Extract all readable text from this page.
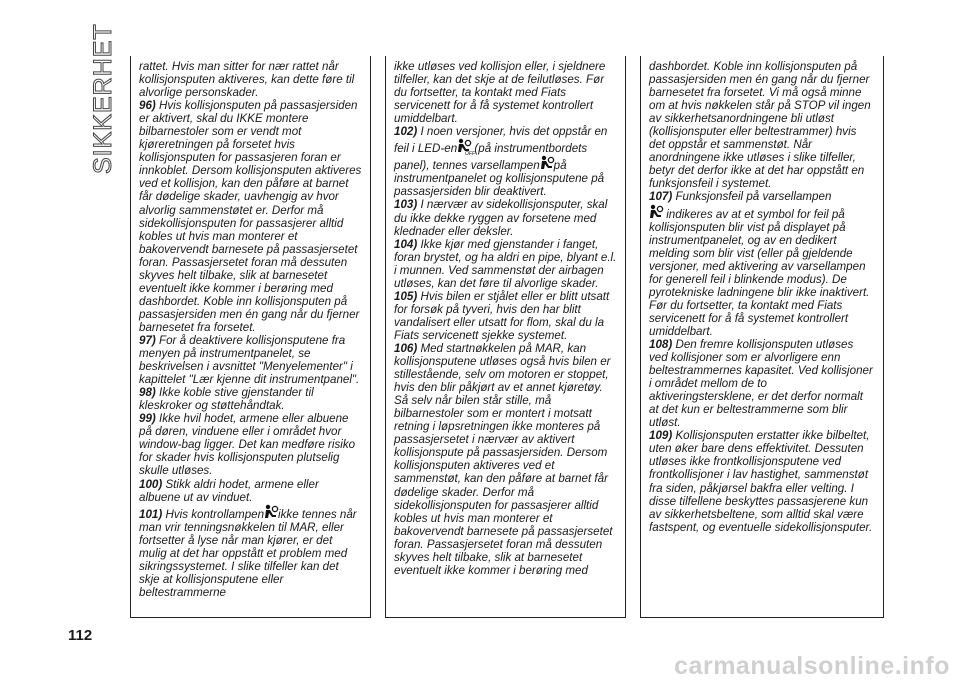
SIKKERHET rattet. Hvis man sitter for nær rattet når kollisjonsputen aktiveres, kan dette føre til alvorlige personskader.

96) Hvis kollisjonsputen på passasjersiden er aktivert, skal du IKKE montere bilbarnestoler som er vendt mot kjøreretningen på forsetet hvis kollisjonsputen for passasjeren foran er innkoblet. Dersom kollisjonsputen aktiveres ved et kollisjon, kan den påføre at barnet får dødelige skader, uavhengig av hvor alvorlig sammenstøtet er. Derfor må sidekollisjonsputen for passasjerer alltid kobles ut hvis man monterer et bakovervendt barnesete på passasjersetet foran. Passasjersetet foran må dessuten skyves helt tilbake, slik at barnesetet eventuelt ikke kommer i berøring med dashbordet. Koble inn kollisjonsputen på passasjersiden men én gang når du fjerner barnesetet fra forsetet.

97) For å deaktivere kollisjonsputene fra menyen på instrumentpanelet, se beskrivelsen i avsnittet "Menyelementer" i kapittelet "Lær kjenne dit instrumentpanel".

98) Ikke koble stive gjenstander til kleskroker og støttehåndtak.

99) Ikke hvil hodet, armene eller albuene på døren, vinduene eller i området hvor window-bag ligger. Det kan medføre risiko for skader hvis kollisjonsputen plutselig skulle utløses.

100) Stikk aldri hodet, armene eller albuene ut av vinduet.

101) Hvis kontrollampen ikke tennes når man vrir tenningsnøkkelen til MAR, eller fortsetter å lyse når man kjører, er det mulig at det har oppstått et problem med sikringssystemet. I slike tilfeller kan det skje at kollisjonsputene eller beltestrammerne

ikke utløses ved kollisjon eller, i sjeldnere tilfeller, kan det skje at de feilutløses. Før du fortsetter, ta kontakt med Fiats servicenett for å få systemet kontrollert umiddelbart.

102) I noen versjoner, hvis det oppstår en feil i LED-en OFF (på instrumentbordets panel), tennes varsellampen på instrumentpanelet og kollisjonsputene på passasjersiden blir deaktivert.

103) I nærvær av sidekollisjonsputer, skal du ikke dekke ryggen av forsetene med klednader eller deksler.

104) Ikke kjør med gjenstander i fanget, foran brystet, og ha aldri en pipe, blyant e.l. i munnen. Ved sammenstøt der airbagen utløses, kan det føre til alvorlige skader.

105) Hvis bilen er stjålet eller er blitt utsatt for forsøk på tyveri, hvis den har blitt vandalisert eller utsatt for flom, skal du la Fiats servicenett sjekke systemet.

106) Med startnøkkelen på MAR, kan kollisjonsputene utløses også hvis bilen er stillestående, selv om motoren er stoppet, hvis den blir påkjørt av et annet kjøretøy. Så selv når bilen står stille, må bilbarnestoler som er montert i motsatt retning i løpsretningen ikke monteres på passasjersetet i nærvær av aktivert kollisjonspute på passasjersiden. Dersom kollisjonsputen aktiveres ved et sammenstøt, kan den påføre at barnet får dødelige skader. Derfor må sidekollisjonsputen for passasjerer alltid kobles ut hvis man monterer et bakovervendt barnesete på passasjersetet foran. Passasjersetet foran må dessuten skyves helt tilbake, slik at barnesetet eventuelt ikke kommer i berøring med

dashbordet. Koble inn kollisjonsputen på passasjersiden men én gang når du fjerner barnesetet fra forsetet. Vi må også minne om at hvis nøkkelen står på STOP vil ingen av sikkerhetsanordningene bli utløst (kollisjonsputer eller beltestrammer) hvis det oppstår et sammenstøt. Når anordningene ikke utløses i slike tilfeller, betyr det derfor ikke at det har oppstått en funksjonsfeil i systemet.

107) Funksjonsfeil på varsellampen

indikeres av at et symbol for feil på kollisjonsputen blir vist på displayet på instrumentpanelet, og av en dedikert melding som blir vist (eller på gjeldende versjoner, med aktivering av varsellampen for generell feil i blinkende modus). De pyrotekniske ladningene blir ikke inaktivert. Før du fortsetter, ta kontakt med Fiats servicenett for å få systemet kontrollert umiddelbart.

108) Den fremre kollisjonsputen utløses ved kollisjoner som er alvorligere enn beltestrammernes kapasitet. Ved kollisjoner i området mellom de to aktiveringstersklene, er det derfor normalt at det kun er beltestrammerne som blir utløst.

109) Kollisjonsputen erstatter ikke bilbeltet, uten øker bare dens effektivitet. Dessuten utløses ikke frontkollisjonsputene ved frontkollisjoner i lav hastighet, sammenstøt fra siden, påkjørsel bakfra eller velting. I disse tilfellene beskyttes passasjerene kun av sikkerhetsbeltene, som alltid skal være fastspent, og eventuelle sidekollisjonsputer.

112
carmanualsonline.info
